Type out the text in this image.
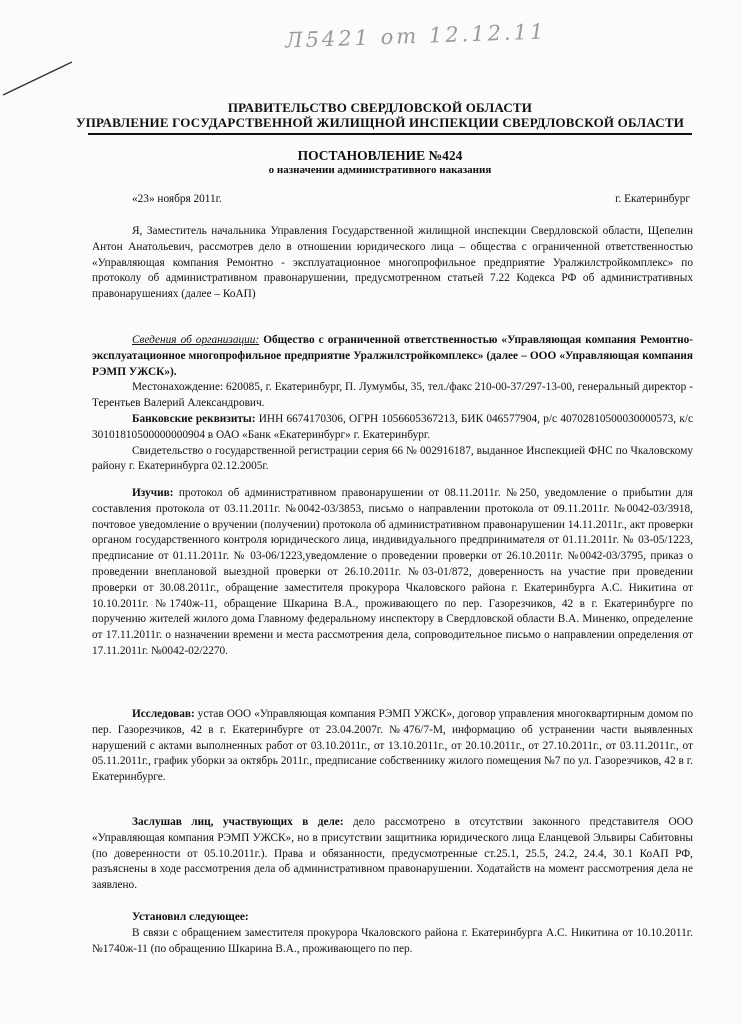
Л5421 от 12.12.11
ПРАВИТЕЛЬСТВО СВЕРДЛОВСКОЙ ОБЛАСТИ
УПРАВЛЕНИЕ ГОСУДАРСТВЕННОЙ ЖИЛИЩНОЙ ИНСПЕКЦИИ СВЕРДЛОВСКОЙ ОБЛАСТИ
ПОСТАНОВЛЕНИЕ №424
о назначении административного наказания
«23» ноября 2011г.	г. Екатеринбург

Я, Заместитель начальника Управления Государственной жилищной инспекции Свердловской области, Щепелин Антон Анатольевич, рассмотрев дело в отношении юридического лица – общества с ограниченной ответственностью «Управляющая компания Ремонтно - эксплуатационное многопрофильное предприятие Уралжилстройкомплекс» по протоколу об административном правонарушении, предусмотренном статьей 7.22 Кодекса РФ об административных правонарушениях (далее – КоАП)

Сведения об организации: Общество с ограниченной ответственностью «Управляющая компания Ремонтно-эксплуатационное многопрофильное предприятие Уралжилстройкомплекс» (далее – ООО «Управляющая компания РЭМП УЖСК»).

Местонахождение: 620085, г. Екатеринбург, П. Лумумбы, 35, тел./факс 210-00-37/297-13-00, генеральный директор - Терентьев Валерий Александрович.

Банковские реквизиты: ИНН 6674170306, ОГРН 1056605367213, БИК 046577904, р/с 40702810500030000573, к/с 30101810500000000904 в ОАО «Банк «Екатеринбург» г. Екатеринбург.

Свидетельство о государственной регистрации серия 66 № 002916187, выданное Инспекцией ФНС по Чкаловскому району г. Екатеринбурга 02.12.2005г.

Изучив: протокол об административном правонарушении от 08.11.2011г. №250, уведомление о прибытии для составления протокола от 03.11.2011г. №0042-03/3853, письмо о направлении протокола от 09.11.2011г. №0042-03/3918, почтовое уведомление о вручении (получении) протокола об административном правонарушении 14.11.2011г., акт проверки органом государственного контроля юридического лица, индивидуального предпринимателя от 01.11.2011г. № 03-05/1223, предписание от 01.11.2011г. № 03-06/1223,уведомление о проведении проверки от 26.10.2011г. №0042-03/3795, приказ о проведении внеплановой выездной проверки от 26.10.2011г. №03-01/872, доверенность на участие при проведении проверки от 30.08.2011г., обращение заместителя прокурора Чкаловского района г. Екатеринбурга А.С. Никитина от 10.10.2011г. №1740ж-11, обращение Шкарина В.А., проживающего по пер. Газорезчиков, 42 в г. Екатеринбурге по поручению жителей жилого дома Главному федеральному инспектору в Свердловской области В.А. Миненко, определение от 17.11.2011г. о назначении времени и места рассмотрения дела, сопроводительное письмо о направлении определения от 17.11.2011г. №0042-02/2270.

Исследовав: устав ООО «Управляющая компания РЭМП УЖСК», договор управления многоквартирным домом по пер. Газорезчиков, 42 в г. Екатеринбурге от 23.04.2007г. №476/7-М, информацию об устранении части выявленных нарушений с актами выполненных работ от 03.10.2011г., от 13.10.2011г., от 20.10.2011г., от 27.10.2011г., от 03.11.2011г., от 05.11.2011г., график уборки за октябрь 2011г., предписание собственнику жилого помещения №7 по ул. Газорезчиков, 42 в г. Екатеринбурге.

Заслушав лиц, участвующих в деле: дело рассмотрено в отсутствии законного представителя ООО «Управляющая компания РЭМП УЖСК», но в присутствии защитника юридического лица Еланцевой Эльвиры Сабитовны (по доверенности от 05.10.2011г.). Права и обязанности, предусмотренные ст.25.1, 25.5, 24.2, 24.4, 30.1 КоАП РФ, разъяснены в ходе рассмотрения дела об административном правонарушении. Ходатайств на момент рассмотрения дела не заявлено.

Установил следующее:

В связи с обращением заместителя прокурора Чкаловского района г. Екатеринбурга А.С. Никитина от 10.10.2011г. №1740ж-11 (по обращению Шкарина В.А., проживающего по пер.
